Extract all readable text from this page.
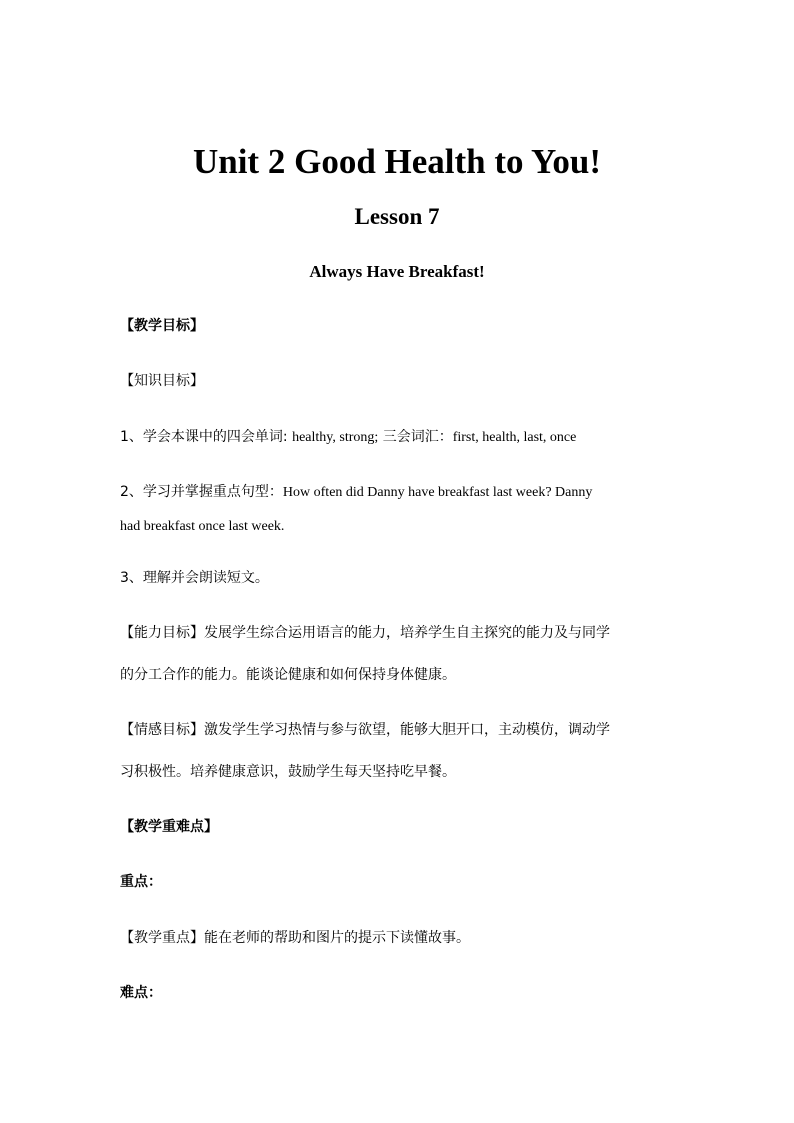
Unit 2 Good Health to You!
Lesson 7
Always Have Breakfast!
【教学目标】
【知识目标】
1、学会本课中的四会单词: healthy, strong; 三会词汇：first, health, last, once
2、学习并掌握重点句型：How often did Danny have breakfast last week? Danny
had breakfast once last week.
3、理解并会朗读短文。
【能力目标】发展学生综合运用语言的能力，培养学生自主探究的能力及与同学
的分工合作的能力。能谈论健康和如何保持身体健康。
【情感目标】激发学生学习热情与参与欲望，能够大胆开口，主动模仿，调动学
习积极性。培养健康意识，鼓励学生每天坚持吃早餐。
【教学重难点】
重点：
【教学重点】能在老师的帮助和图片的提示下读懂故事。
难点：
